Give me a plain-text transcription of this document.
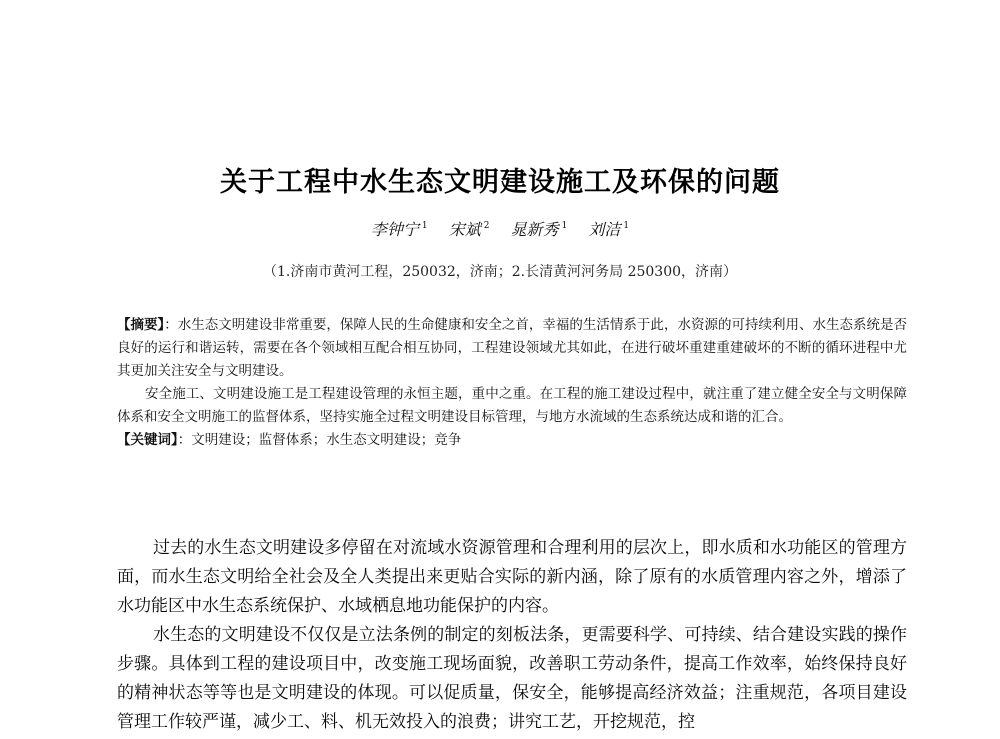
关于工程中水生态文明建设施工及环保的问题
李钟宁 $^1$ 宋斌 $^2$ 晁新秀 $^1$ 刘洁 $^1$
（1.济南市黄河工程，250032，济南；2.长清黄河河务局 250300，济南）

【摘要】：水生态文明建设非常重要，保障人民的生命健康和安全之首，幸福的生活情系于此，水资源的可持续利用、水生态系统是否良好的运行和谐运转，需要在各个领域相互配合相互协同，工程建设领域尤其如此，在进行破坏重建重建破坏的不断的循环进程中尤其更加关注安全与文明建设。

安全施工、文明建设施工是工程建设管理的永恒主题，重中之重。在工程的施工建设过程中，就注重了建立健全安全与文明保障体系和安全文明施工的监督体系，坚持实施全过程文明建设目标管理，与地方水流域的生态系统达成和谐的汇合。

【关键词】：文明建设；监督体系；水生态文明建设；竞争

过去的水生态文明建设多停留在对流域水资源管理和合理利用的层次上，即水质和水功能区的管理方面，而水生态文明给全社会及全人类提出来更贴合实际的新内涵，除了原有的水质管理内容之外，增添了水功能区中水生态系统保护、水域栖息地功能保护的内容。

水生态的文明建设不仅仅是立法条例的制定的刻板法条，更需要科学、可持续、结合建设实践的操作步骤。具体到工程的建设项目中，改变施工现场面貌，改善职工劳动条件，提高工作效率，始终保持良好的精神状态等等也是文明建设的体现。可以促质量，保安全，能够提高经济效益；注重规范，各项目建设管理工作较严谨，减少工、料、机无效投入的浪费；讲究工艺，开挖规范，控
